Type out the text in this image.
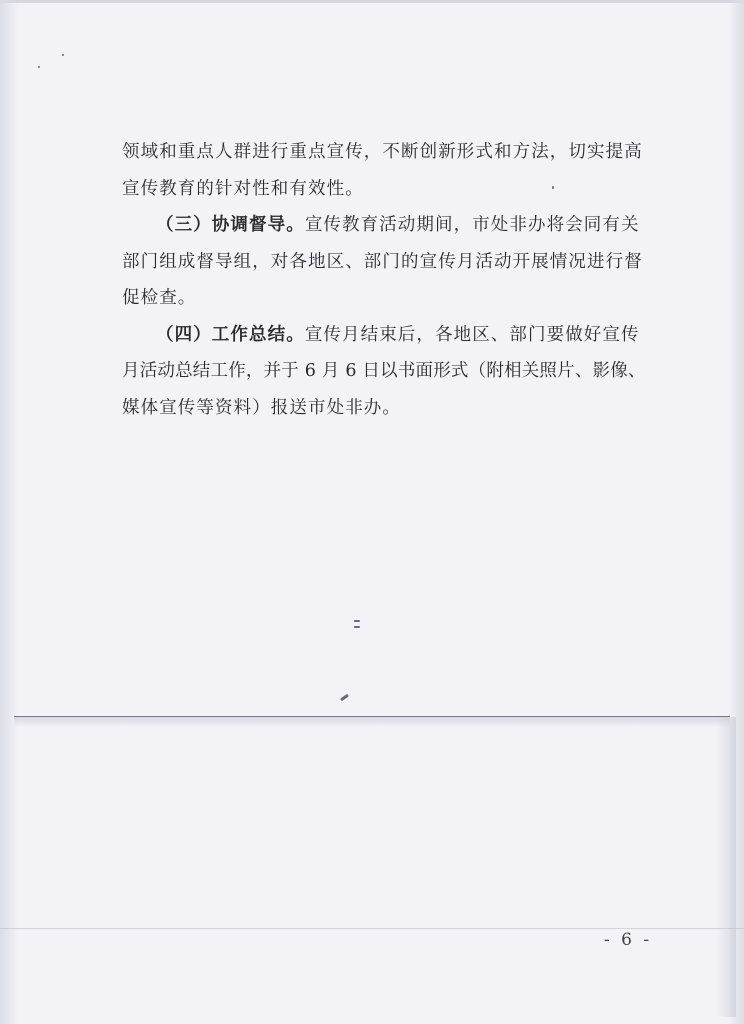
领域和重点人群进行重点宣传，不断创新形式和方法，切实提高
宣传教育的针对性和有效性。
（三）协调督导。宣传教育活动期间，市处非办将会同有关
部门组成督导组，对各地区、部门的宣传月活动开展情况进行督
促检查。
（四）工作总结。宣传月结束后，各地区、部门要做好宣传
月活动总结工作，并于 6 月 6 日以书面形式（附相关照片、影像、
媒体宣传等资料）报送市处非办。
- 6 -
